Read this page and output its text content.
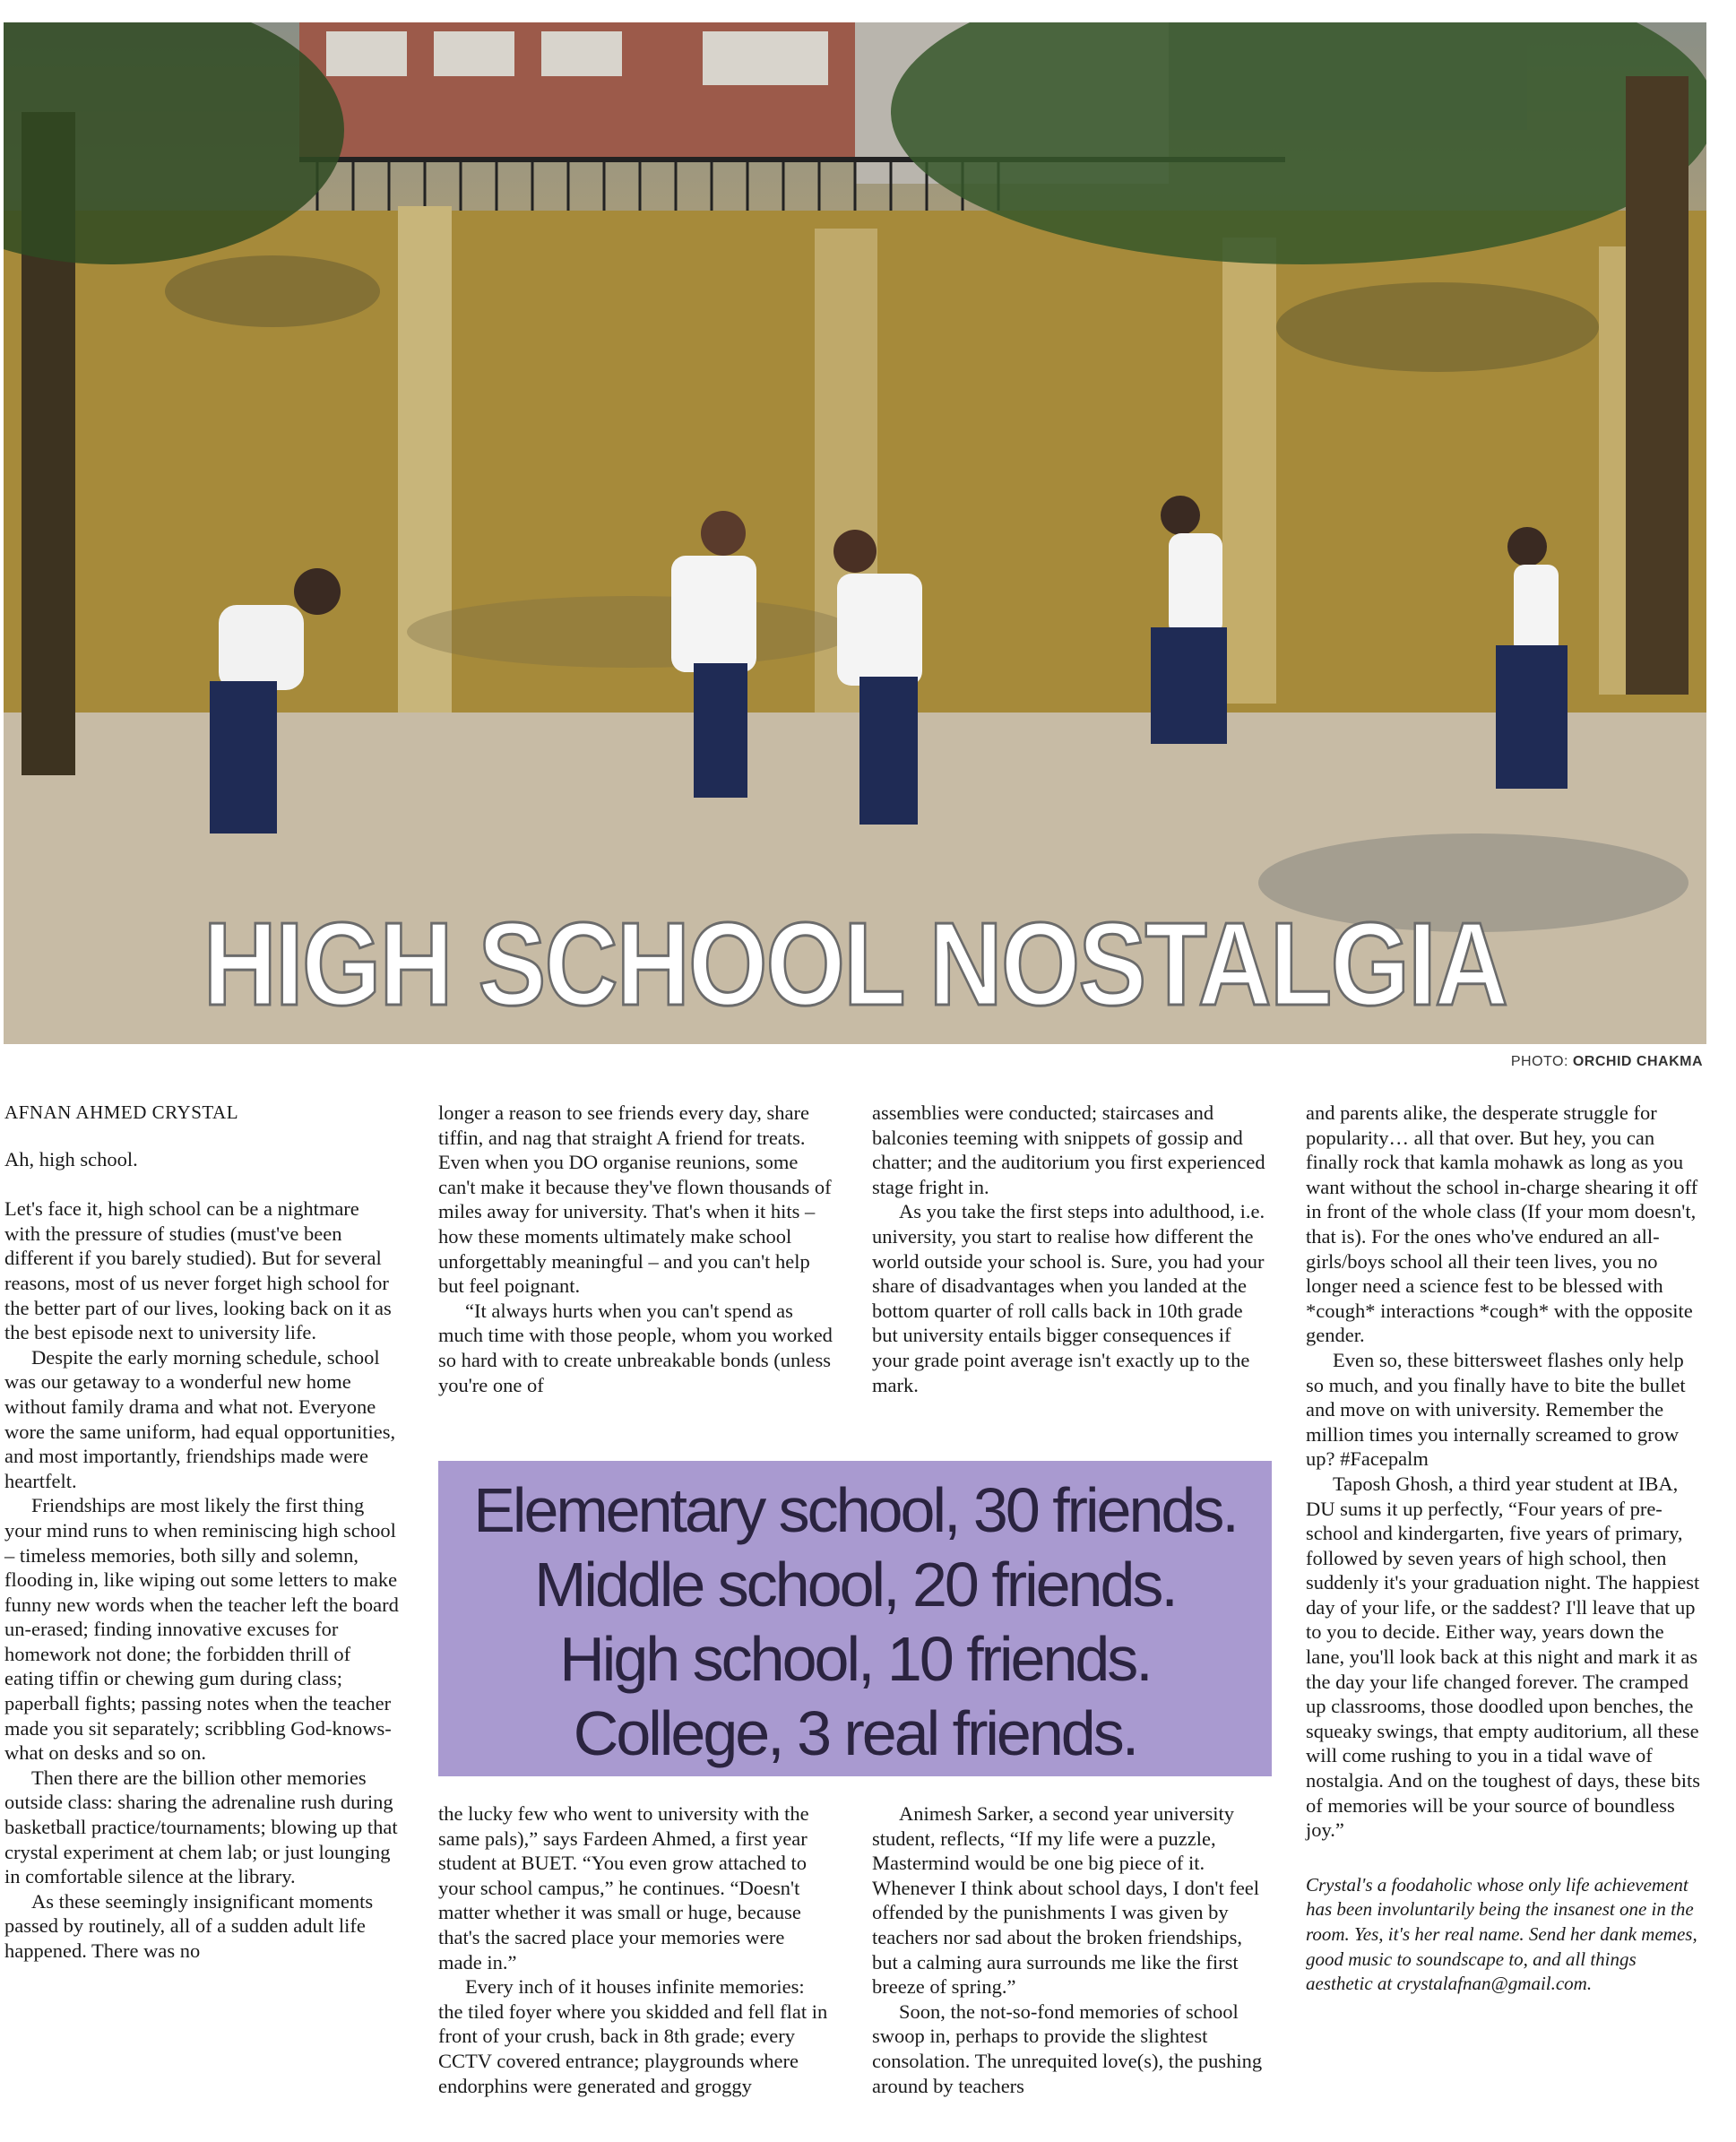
HIGH SCHOOL NOSTALGIA
PHOTO: ORCHID CHAKMA

AFNAN AHMED CRYSTAL

Ah, high school.

Let's face it, high school can be a nightmare with the pressure of studies (must've been different if you barely studied). But for several reasons, most of us never forget high school for the better part of our lives, looking back on it as the best episode next to university life.

Despite the early morning schedule, school was our getaway to a wonderful new home without family drama and what not. Everyone wore the same uniform, had equal opportunities, and most importantly, friendships made were heartfelt.

Friendships are most likely the first thing your mind runs to when reminiscing high school – timeless memories, both silly and solemn, flooding in, like wiping out some letters to make funny new words when the teacher left the board un-erased; finding innovative excuses for homework not done; the forbidden thrill of eating tiffin or chewing gum during class; paperball fights; passing notes when the teacher made you sit separately; scribbling God-knows-what on desks and so on.

Then there are the billion other memories outside class: sharing the adrenaline rush during basketball practice/tournaments; blowing up that crystal experiment at chem lab; or just lounging in comfortable silence at the library.

As these seemingly insignificant moments passed by routinely, all of a sudden adult life happened. There was no

longer a reason to see friends every day, share tiffin, and nag that straight A friend for treats. Even when you DO organise reunions, some can't make it because they've flown thousands of miles away for university. That's when it hits – how these moments ultimately make school unforgettably meaningful – and you can't help but feel poignant.

“It always hurts when you can't spend as much time with those people, whom you worked so hard with to create unbreakable bonds (unless you're one of

assemblies were conducted; staircases and balconies teeming with snippets of gossip and chatter; and the auditorium you first experienced stage fright in.

As you take the first steps into adulthood, i.e. university, you start to realise how different the world outside your school is. Sure, you had your share of disadvantages when you landed at the bottom quarter of roll calls back in 10th grade but university entails bigger consequences if your grade point average isn't exactly up to the mark.

Elementary school, 30 friends.
Middle school, 20 friends.
High school, 10 friends.
College, 3 real friends.

the lucky few who went to university with the same pals),” says Fardeen Ahmed, a first year student at BUET. “You even grow attached to your school campus,” he continues. “Doesn't matter whether it was small or huge, because that's the sacred place your memories were made in.”

Every inch of it houses infinite memories: the tiled foyer where you skidded and fell flat in front of your crush, back in 8th grade; every CCTV covered entrance; playgrounds where endorphins were generated and groggy

Animesh Sarker, a second year university student, reflects, “If my life were a puzzle, Mastermind would be one big piece of it. Whenever I think about school days, I don't feel offended by the punishments I was given by teachers nor sad about the broken friendships, but a calming aura surrounds me like the first breeze of spring.”

Soon, the not-so-fond memories of school swoop in, perhaps to provide the slightest consolation. The unrequited love(s), the pushing around by teachers

and parents alike, the desperate struggle for popularity… all that over. But hey, you can finally rock that kamla mohawk as long as you want without the school in-charge shearing it off in front of the whole class (If your mom doesn't, that is). For the ones who've endured an all-girls/boys school all their teen lives, you no longer need a science fest to be blessed with *cough* interactions *cough* with the opposite gender.

Even so, these bittersweet flashes only help so much, and you finally have to bite the bullet and move on with university. Remember the million times you internally screamed to grow up? #Facepalm

Taposh Ghosh, a third year student at IBA, DU sums it up perfectly, “Four years of pre-school and kindergarten, five years of primary, followed by seven years of high school, then suddenly it's your graduation night. The happiest day of your life, or the saddest? I'll leave that up to you to decide. Either way, years down the lane, you'll look back at this night and mark it as the day your life changed forever. The cramped up classrooms, those doodled upon benches, the squeaky swings, that empty auditorium, all these will come rushing to you in a tidal wave of nostalgia. And on the toughest of days, these bits of memories will be your source of boundless joy.”

Crystal's a foodaholic whose only life achievement has been involuntarily being the insanest one in the room. Yes, it's her real name. Send her dank memes, good music to soundscape to, and all things aesthetic at crystalafnan@gmail.com.
